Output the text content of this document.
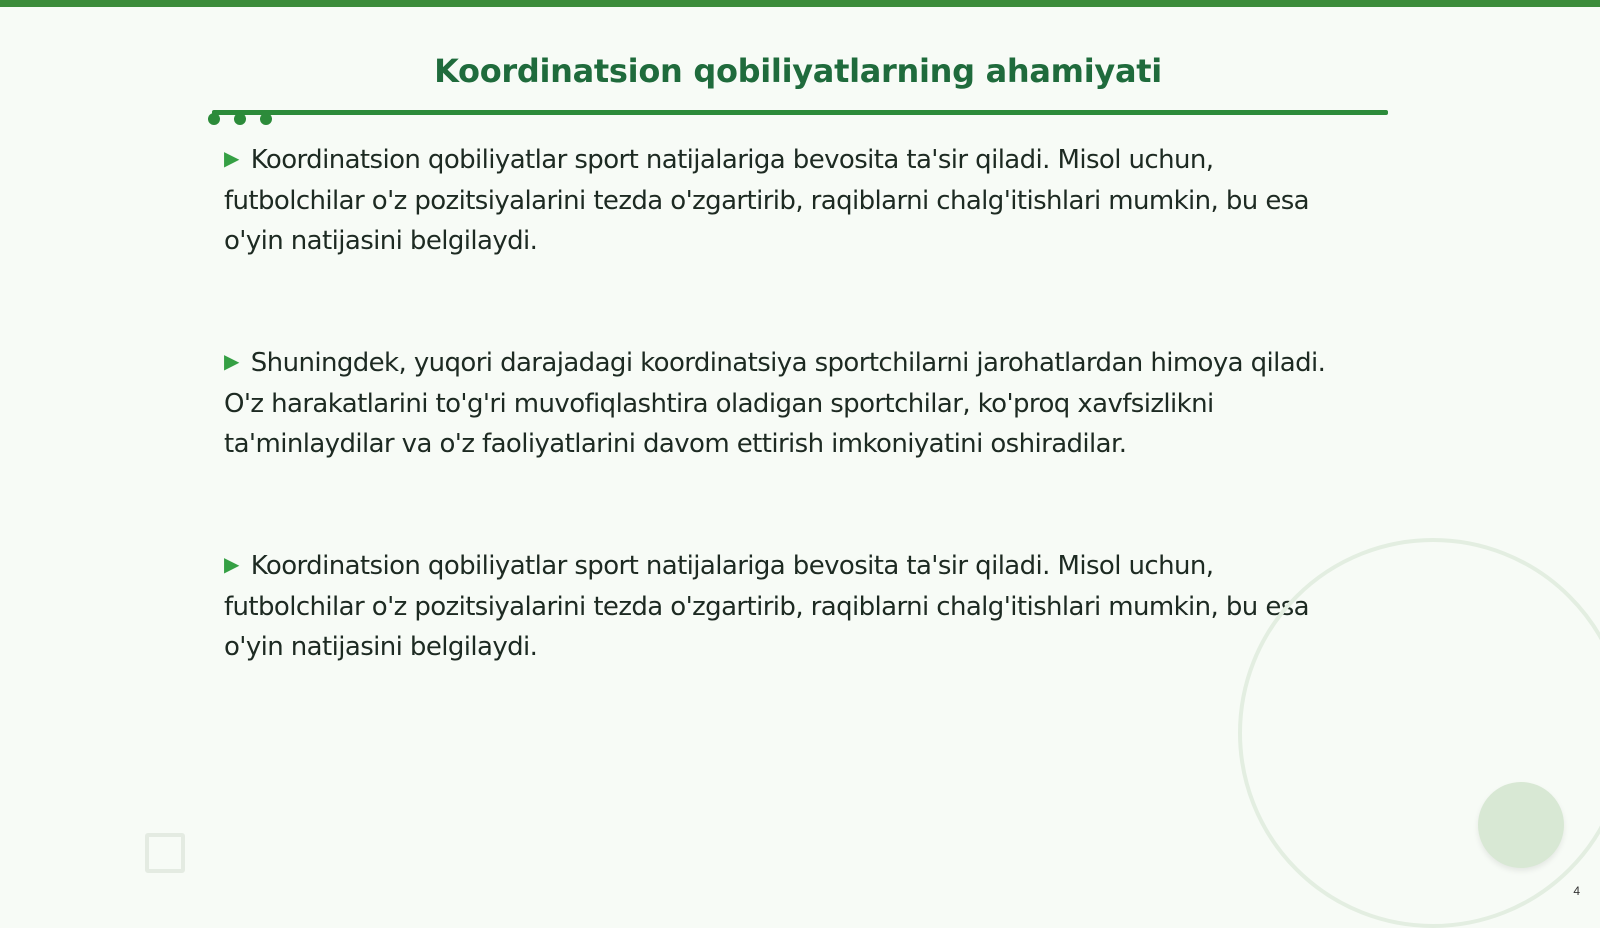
Koordinatsion qobiliyatlarning ahamiyati

▶ Koordinatsion qobiliyatlar sport natijalariga bevosita ta'sir qiladi. Misol uchun, futbolchilar o'z pozitsiyalarini tezda o'zgartirib, raqiblarni chalg'itishlari mumkin, bu esa o'yin natijasini belgilaydi.

▶ Shuningdek, yuqori darajadagi koordinatsiya sportchilarni jarohatlardan himoya qiladi. O'z harakatlarini to'g'ri muvofiqlashtira oladigan sportchilar, ko'proq xavfsizlikni ta'minlaydilar va o'z faoliyatlarini davom ettirish imkoniyatini oshiradilar.

▶ Koordinatsion qobiliyatlar sport natijalariga bevosita ta'sir qiladi. Misol uchun, futbolchilar o'z pozitsiyalarini tezda o'zgartirib, raqiblarni chalg'itishlari mumkin, bu esa o'yin natijasini belgilaydi.

4
